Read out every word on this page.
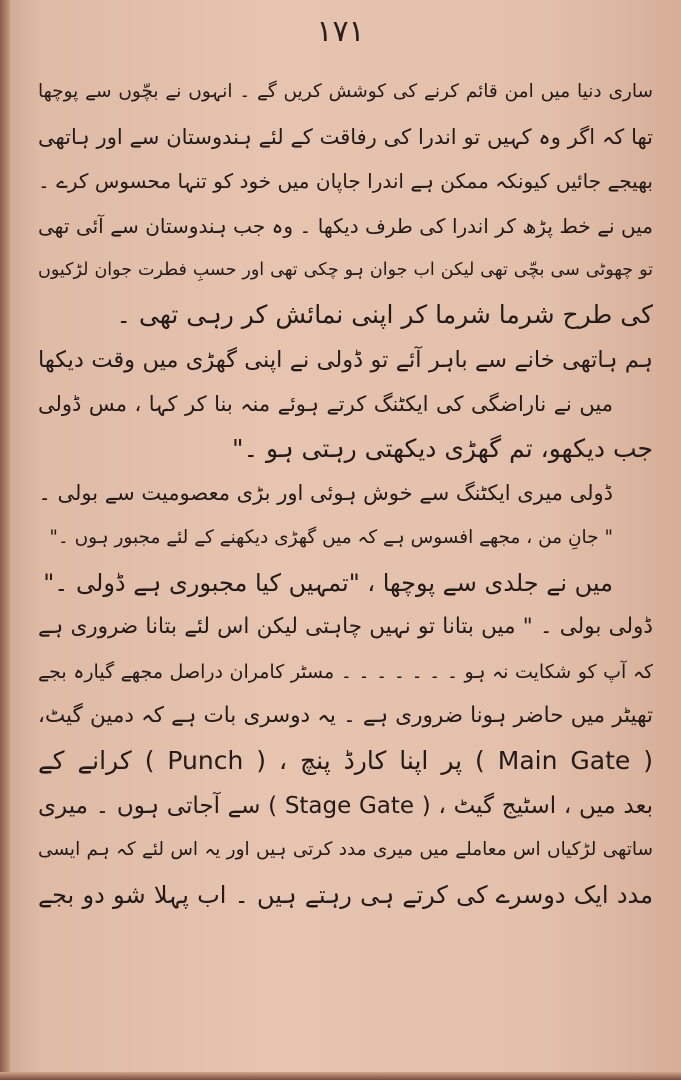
۱۷۱
ساری دنیا میں امن قائم کرنے کی کوشش کریں گے ۔ انہوں نے بچّوں سے پوچھا
تھا کہ اگر وہ کہیں تو اندرا کی رفاقت کے لئے ہندوستان سے اور ہاتھی
بھیجے جائیں کیونکہ ممکن ہے اندرا جاپان میں خود کو تنہا محسوس کرے ۔
میں نے خط پڑھ کر اندرا کی طرف دیکھا ۔ وہ جب ہندوستان سے آئی تھی
تو چھوٹی سی بچّی تھی لیکن اب جوان ہو چکی تھی اور حسبِ فطرت جوان لڑکیوں
کی طرح شرما شرما کر اپنی نمائش کر رہی تھی ۔
ہم ہاتھی خانے سے باہر آئے تو ڈولی نے اپنی گھڑی میں وقت دیکھا
میں نے ناراضگی کی ایکٹنگ کرتے ہوئے منہ بنا کر کہا ، مس ڈولی
جب دیکھو، تم گھڑی دیکھتی رہتی ہو ۔"
ڈولی میری ایکٹنگ سے خوش ہوئی اور بڑی معصومیت سے بولی ۔
" جانِ من ، مجھے افسوس ہے کہ میں گھڑی دیکھنے کے لئے مجبور ہوں ۔"
میں نے جلدی سے پوچھا ، "تمہیں کیا مجبوری ہے ڈولی ۔"
ڈولی بولی ۔ " میں بتانا تو نہیں چاہتی لیکن اس لئے بتانا ضروری ہے
کہ آپ کو شکایت نہ ہو ۔ ۔ ۔ ۔ ۔ ۔ ۔ مسٹر کامران دراصل مجھے گیارہ بجے
تھیٹر میں حاضر ہونا ضروری ہے ۔ یہ دوسری بات ہے کہ دمین گیٹ،
( Main Gate ) پر اپنا کارڈ پنچ ، ( Punch ) کرانے کے
بعد میں ، اسٹیج گیٹ ، ( Stage Gate ) سے آجاتی ہوں ۔ میری
ساتھی لڑکیاں اس معاملے میں میری مدد کرتی ہیں اور یہ اس لئے کہ ہم ایسی
مدد ایک دوسرے کی کرتے ہی رہتے ہیں ۔ اب پہلا شو دو بجے
